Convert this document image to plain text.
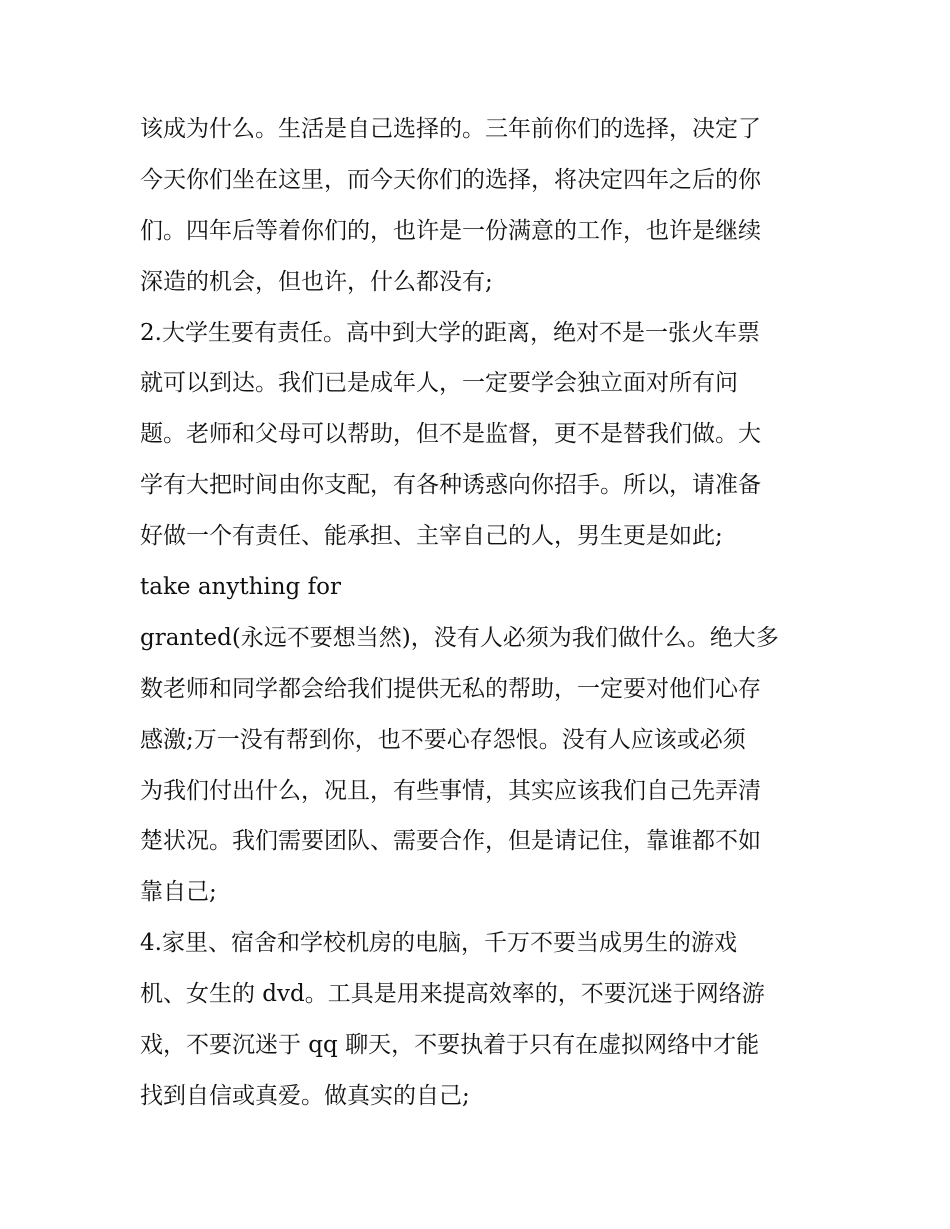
该成为什么。生活是自己选择的。三年前你们的选择，决定了
今天你们坐在这里，而今天你们的选择，将决定四年之后的你
们。四年后等着你们的，也许是一份满意的工作，也许是继续
深造的机会，但也许，什么都没有;
2.大学生要有责任。高中到大学的距离，绝对不是一张火车票
就可以到达。我们已是成年人，一定要学会独立面对所有问
题。老师和父母可以帮助，但不是监督，更不是替我们做。大
学有大把时间由你支配，有各种诱惑向你招手。所以，请准备
好做一个有责任、能承担、主宰自己的人，男生更是如此;
take anything for
granted(永远不要想当然)，没有人必须为我们做什么。绝大多
数老师和同学都会给我们提供无私的帮助，一定要对他们心存
感激;万一没有帮到你，也不要心存怨恨。没有人应该或必须
为我们付出什么，况且，有些事情，其实应该我们自己先弄清
楚状况。我们需要团队、需要合作，但是请记住，靠谁都不如
靠自己;
4.家里、宿舍和学校机房的电脑，千万不要当成男生的游戏
机、女生的 dvd。工具是用来提高效率的，不要沉迷于网络游
戏，不要沉迷于 qq 聊天，不要执着于只有在虚拟网络中才能
找到自信或真爱。做真实的自己;
